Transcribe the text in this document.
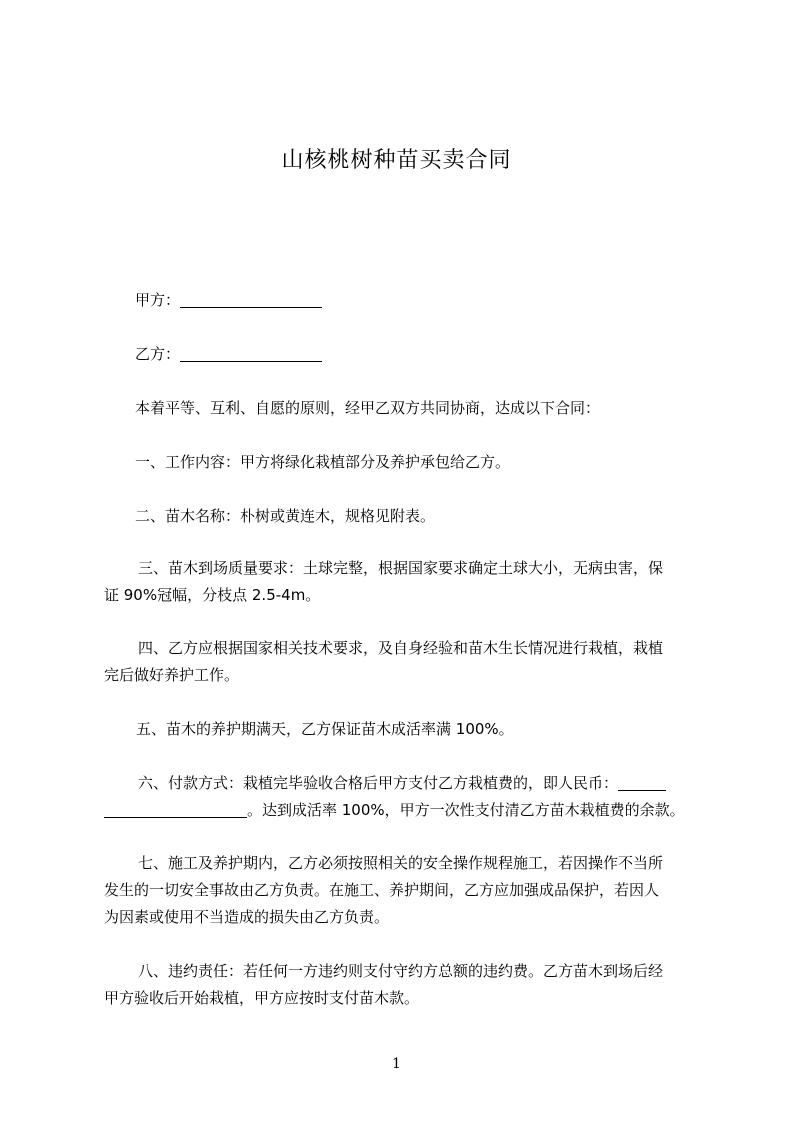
山核桃树种苗买卖合同
甲方：
乙方：
本着平等、互利、自愿的原则，经甲乙双方共同协商，达成以下合同：
一、工作内容：甲方将绿化栽植部分及养护承包给乙方。
二、苗木名称：朴树或黄连木，规格见附表。
三、苗木到场质量要求：土球完整，根据国家要求确定土球大小，无病虫害，保
证 90%冠幅，分枝点 2.5-4m。
四、乙方应根据国家相关技术要求，及自身经验和苗木生长情况进行栽植，栽植
完后做好养护工作。
五、苗木的养护期满天，乙方保证苗木成活率满 100%。
六、付款方式：栽植完毕验收合格后甲方支付乙方栽植费的，即人民币：
。达到成活率 100%，甲方一次性支付清乙方苗木栽植费的余款。
七、施工及养护期内，乙方必须按照相关的安全操作规程施工，若因操作不当所
发生的一切安全事故由乙方负责。在施工、养护期间，乙方应加强成品保护，若因人
为因素或使用不当造成的损失由乙方负责。
八、违约责任：若任何一方违约则支付守约方总额的违约费。乙方苗木到场后经
甲方验收后开始栽植，甲方应按时支付苗木款。
1
